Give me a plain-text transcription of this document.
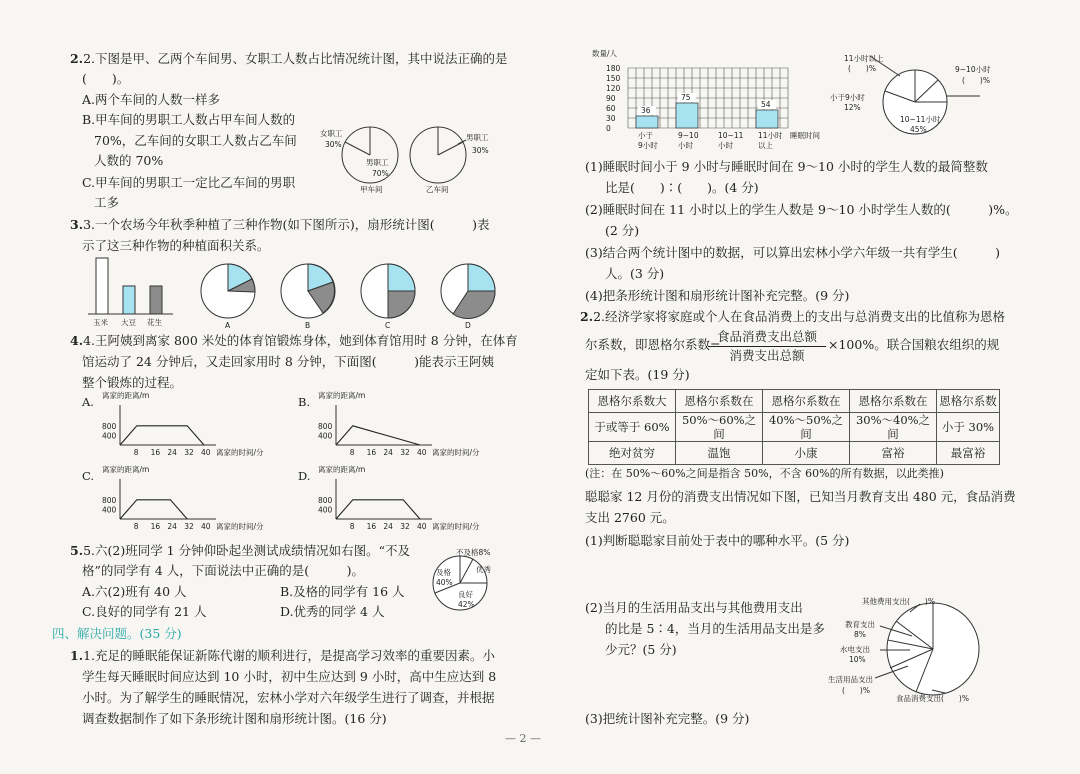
2.2.下图是甲、乙两个车间男、女职工人数占比情况统计图，其中说法正确的是
(　　)。
A.两个车间的人数一样多
B.甲车间的男职工人数占甲车间人数的
70%，乙车间的女职工人数占乙车间
人数的 70%
C.甲车间的男职工一定比乙车间的男职
工多
女职工
30%
男职工
70%
甲车间
男职工
30%
乙车间
3.3.一个农场今年秋季种植了三种作物(如下图所示)，扇形统计图(　　　)表
示了这三种作物的种植面积关系。
玉米 大豆 花生	A	B	C	D
4.4.王阿姨到离家 800 米处的体育馆锻炼身体，她到体育馆用时 8 分钟，在体育
馆运动了 24 分钟后，又走回家用时 8 分钟，下面图(　　　)能表示王阿姨
整个锻炼的过程。
离家的距离/m
800
400
8 16 24 32 40 离家的时间/分
离家的距离/m
800
400
8 16 24 32 40 离家的时间/分
离家的距离/m
800
400
8 16 24 32 40 离家的时间/分
离家的距离/m
800
400
8 16 24 32 40 离家的时间/分
A.	B.
C.	D.
5.5.六(2)班同学 1 分钟仰卧起坐测试成绩情况如右图。“不及
格”的同学有 4 人，下面说法中正确的是(　　　)。
A.六(2)班有 40 人	B.及格的同学有 16 人
C.良好的同学有 21 人	D.优秀的同学 4 人
不及格8%
及格
40%
优秀
良好
42%
四、解决问题。(35 分)
1.1.充足的睡眠能保证新陈代谢的顺利进行，是提高学习效率的重要因素。小
学生每天睡眠时间应达到 10 小时，初中生应达到 9 小时，高中生应达到 8
小时。为了解学生的睡眠情况，宏林小学对六年级学生进行了调查，并根据
调查数据制作了如下条形统计图和扇形统计图。(16 分)
— 2 —
数量/人
180
150
120
90
60
30
0
36
小于
9小时
75
9~10
小时
10~11
小时
54
11小时
以上
睡眠时间
11小时以上
(　　)%	9~10小时
(　　)%
小于9小时
12%
10~11小时
45%
(1)睡眠时间小于 9 小时与睡眠时间在 9～10 小时的学生人数的最简整数
比是(　　)∶(　　)。(4 分)
(2)睡眠时间在 11 小时以上的学生人数是 9～10 小时学生人数的(　　　)%。
(2 分)
(3)结合两个统计图中的数据，可以算出宏林小学六年级一共有学生(　　　)
人。(3 分)
(4)把条形统计图和扇形统计图补充完整。(9 分)
2.2.经济学家将家庭或个人在食品消费上的支出与总消费支出的比值称为恩格
尔系数，即恩格尔系数=
食品消费支出总额
消费支出总额
×100%。联合国粮农组织的规
定如下表。(19 分)
恩格尔系数大	恩格尔系数在	恩格尔系数在	恩格尔系数在	恩格尔系数
于或等于 60%	50%～60%之间	40%～50%之间	30%～40%之间	小于 30%
绝对贫穷	温饱	小康	富裕	最富裕
(注：在 50%～60%之间是指含 50%，不含 60%的所有数据，以此类推)
聪聪家 12 月份的消费支出情况如下图，已知当月教育支出 480 元，食品消费
支出 2760 元。
(1)判断聪聪家目前处于表中的哪种水平。(5 分)
(2)当月的生活用品支出与其他费用支出
的比是 5∶4，当月的生活用品支出是多
少元？(5 分)
(3)把统计图补充完整。(9 分)
其他费用支出(　　)%
教育支出
8%
水电支出
10%
生活用品支出
(　　)%
食品消费支出(　　)%
